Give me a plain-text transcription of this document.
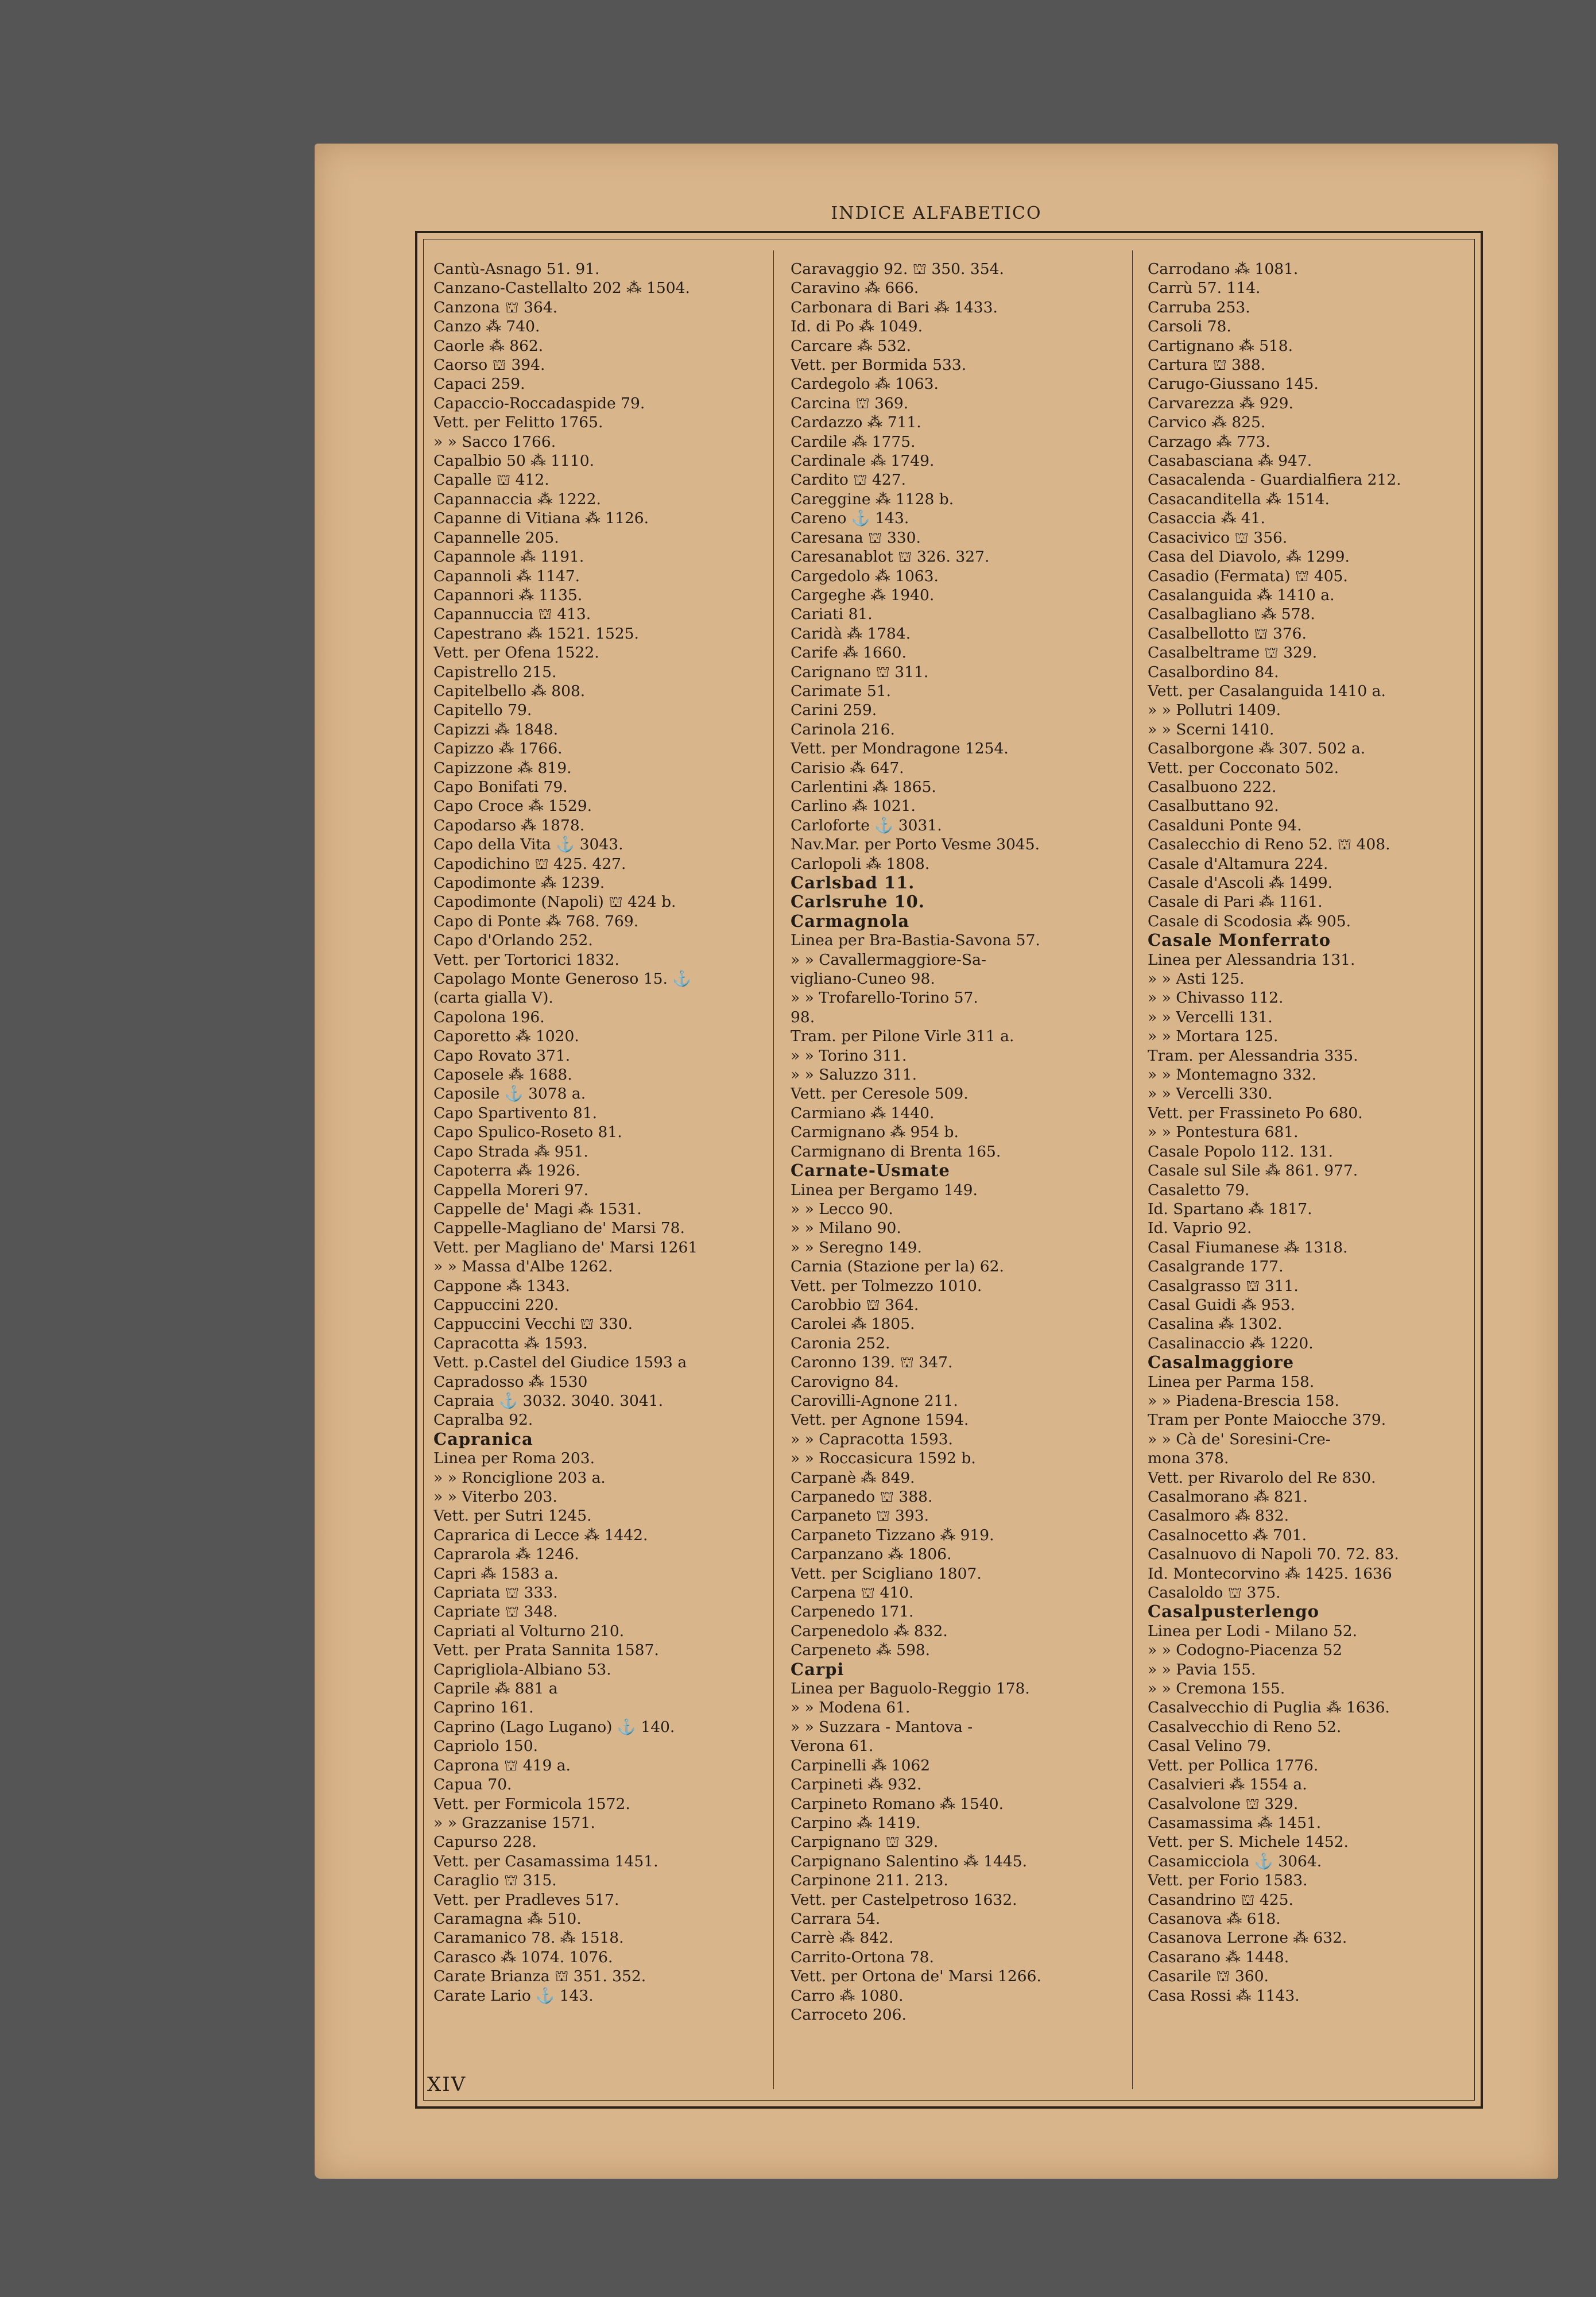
INDICE ALFABETICO
Cantù-Asnago 51. 91.
Canzano-Castellalto 202 ⁂ 1504.
Canzona ⛫ 364.
Canzo ⁂ 740.
Caorle ⁂ 862.
Caorso ⛫ 394.
Capaci 259.
Capaccio-Roccadaspide 79.
Vett. per Felitto 1765.
» » Sacco 1766.
Capalbio 50 ⁂ 1110.
Capalle ⛫ 412.
Capannaccia ⁂ 1222.
Capanne di Vitiana ⁂ 1126.
Capannelle 205.
Capannole ⁂ 1191.
Capannoli ⁂ 1147.
Capannori ⁂ 1135.
Capannuccia ⛫ 413.
Capestrano ⁂ 1521. 1525.
Vett. per Ofena 1522.
Capistrello 215.
Capitelbello ⁂ 808.
Capitello 79.
Capizzi ⁂ 1848.
Capizzo ⁂ 1766.
Capizzone ⁂ 819.
Capo Bonifati 79.
Capo Croce ⁂ 1529.
Capodarso ⁂ 1878.
Capo della Vita ⚓ 3043.
Capodichino ⛫ 425. 427.
Capodimonte ⁂ 1239.
Capodimonte (Napoli) ⛫ 424 b.
Capo di Ponte ⁂ 768. 769.
Capo d'Orlando 252.
Vett. per Tortorici 1832.
Capolago Monte Generoso 15. ⚓
(carta gialla V).
Capolona 196.
Caporetto ⁂ 1020.
Capo Rovato 371.
Caposele ⁂ 1688.
Caposile ⚓ 3078 a.
Capo Spartivento 81.
Capo Spulico-Roseto 81.
Capo Strada ⁂ 951.
Capoterra ⁂ 1926.
Cappella Moreri 97.
Cappelle de' Magi ⁂ 1531.
Cappelle-Magliano de' Marsi 78.
Vett. per Magliano de' Marsi 1261
» » Massa d'Albe 1262.
Cappone ⁂ 1343.
Cappuccini 220.
Cappuccini Vecchi ⛫ 330.
Capracotta ⁂ 1593.
Vett. p.Castel del Giudice 1593 a
Capradosso ⁂ 1530
Capraia ⚓ 3032. 3040. 3041.
Capralba 92.
Capranica
Linea per Roma 203.
» » Ronciglione 203 a.
» » Viterbo 203.
Vett. per Sutri 1245.
Caprarica di Lecce ⁂ 1442.
Caprarola ⁂ 1246.
Capri ⁂ 1583 a.
Capriata ⛫ 333.
Capriate ⛫ 348.
Capriati al Volturno 210.
Vett. per Prata Sannita 1587.
Caprigliola-Albiano 53.
Caprile ⁂ 881 a
Caprino 161.
Caprino (Lago Lugano) ⚓ 140.
Capriolo 150.
Caprona ⛫ 419 a.
Capua 70.
Vett. per Formicola 1572.
» » Grazzanise 1571.
Capurso 228.
Vett. per Casamassima 1451.
Caraglio ⛫ 315.
Vett. per Pradleves 517.
Caramagna ⁂ 510.
Caramanico 78. ⁂ 1518.
Carasco ⁂ 1074. 1076.
Carate Brianza ⛫ 351. 352.
Carate Lario ⚓ 143.
Caravaggio 92. ⛫ 350. 354.
Caravino ⁂ 666.
Carbonara di Bari ⁂ 1433.
Id. di Po ⁂ 1049.
Carcare ⁂ 532.
Vett. per Bormida 533.
Cardegolo ⁂ 1063.
Carcina ⛫ 369.
Cardazzo ⁂ 711.
Cardile ⁂ 1775.
Cardinale ⁂ 1749.
Cardito ⛫ 427.
Careggine ⁂ 1128 b.
Careno ⚓ 143.
Caresana ⛫ 330.
Caresanablot ⛫ 326. 327.
Cargedolo ⁂ 1063.
Cargeghe ⁂ 1940.
Cariati 81.
Caridà ⁂ 1784.
Carife ⁂ 1660.
Carignano ⛫ 311.
Carimate 51.
Carini 259.
Carinola 216.
Vett. per Mondragone 1254.
Carisio ⁂ 647.
Carlentini ⁂ 1865.
Carlino ⁂ 1021.
Carloforte ⚓ 3031.
Nav.Mar. per Porto Vesme 3045.
Carlopoli ⁂ 1808.
Carlsbad 11.
Carlsruhe 10.
Carmagnola
Linea per Bra-Bastia-Savona 57.
» » Cavallermaggiore-Sa-
vigliano-Cuneo 98.
» » Trofarello-Torino 57.
98.
Tram. per Pilone Virle 311 a.
» » Torino 311.
» » Saluzzo 311.
Vett. per Ceresole 509.
Carmiano ⁂ 1440.
Carmignano ⁂ 954 b.
Carmignano di Brenta 165.
Carnate-Usmate
Linea per Bergamo 149.
» » Lecco 90.
» » Milano 90.
» » Seregno 149.
Carnia (Stazione per la) 62.
Vett. per Tolmezzo 1010.
Carobbio ⛫ 364.
Carolei ⁂ 1805.
Caronia 252.
Caronno 139. ⛫ 347.
Carovigno 84.
Carovilli-Agnone 211.
Vett. per Agnone 1594.
» » Capracotta 1593.
» » Roccasicura 1592 b.
Carpanè ⁂ 849.
Carpanedo ⛫ 388.
Carpaneto ⛫ 393.
Carpaneto Tizzano ⁂ 919.
Carpanzano ⁂ 1806.
Vett. per Scigliano 1807.
Carpena ⛫ 410.
Carpenedo 171.
Carpenedolo ⁂ 832.
Carpeneto ⁂ 598.
Carpi
Linea per Baguolo-Reggio 178.
» » Modena 61.
» » Suzzara - Mantova -
Verona 61.
Carpinelli ⁂ 1062
Carpineti ⁂ 932.
Carpineto Romano ⁂ 1540.
Carpino ⁂ 1419.
Carpignano ⛫ 329.
Carpignano Salentino ⁂ 1445.
Carpinone 211. 213.
Vett. per Castelpetroso 1632.
Carrara 54.
Carrè ⁂ 842.
Carrito-Ortona 78.
Vett. per Ortona de' Marsi 1266.
Carro ⁂ 1080.
Carroceto 206.
Carrodano ⁂ 1081.
Carrù 57. 114.
Carruba 253.
Carsoli 78.
Cartignano ⁂ 518.
Cartura ⛫ 388.
Carugo-Giussano 145.
Carvarezza ⁂ 929.
Carvico ⁂ 825.
Carzago ⁂ 773.
Casabasciana ⁂ 947.
Casacalenda - Guardialfiera 212.
Casacanditella ⁂ 1514.
Casaccia ⁂ 41.
Casacivico ⛫ 356.
Casa del Diavolo, ⁂ 1299.
Casadio (Fermata) ⛫ 405.
Casalanguida ⁂ 1410 a.
Casalbagliano ⁂ 578.
Casalbellotto ⛫ 376.
Casalbeltrame ⛫ 329.
Casalbordino 84.
Vett. per Casalanguida 1410 a.
» » Pollutri 1409.
» » Scerni 1410.
Casalborgone ⁂ 307. 502 a.
Vett. per Cocconato 502.
Casalbuono 222.
Casalbuttano 92.
Casalduni Ponte 94.
Casalecchio di Reno 52. ⛫ 408.
Casale d'Altamura 224.
Casale d'Ascoli ⁂ 1499.
Casale di Pari ⁂ 1161.
Casale di Scodosia ⁂ 905.
Casale Monferrato
Linea per Alessandria 131.
» » Asti 125.
» » Chivasso 112.
» » Vercelli 131.
» » Mortara 125.
Tram. per Alessandria 335.
» » Montemagno 332.
» » Vercelli 330.
Vett. per Frassineto Po 680.
» » Pontestura 681.
Casale Popolo 112. 131.
Casale sul Sile ⁂ 861. 977.
Casaletto 79.
Id. Spartano ⁂ 1817.
Id. Vaprio 92.
Casal Fiumanese ⁂ 1318.
Casalgrande 177.
Casalgrasso ⛫ 311.
Casal Guidi ⁂ 953.
Casalina ⁂ 1302.
Casalinaccio ⁂ 1220.
Casalmaggiore
Linea per Parma 158.
» » Piadena-Brescia 158.
Tram per Ponte Maiocche 379.
» » Cà de' Soresini-Cre-
mona 378.
Vett. per Rivarolo del Re 830.
Casalmorano ⁂ 821.
Casalmoro ⁂ 832.
Casalnocetto ⁂ 701.
Casalnuovo di Napoli 70. 72. 83.
Id. Montecorvino ⁂ 1425. 1636
Casaloldo ⛫ 375.
Casalpusterlengo
Linea per Lodi - Milano 52.
» » Codogno-Piacenza 52
» » Pavia 155.
» » Cremona 155.
Casalvecchio di Puglia ⁂ 1636.
Casalvecchio di Reno 52.
Casal Velino 79.
Vett. per Pollica 1776.
Casalvieri ⁂ 1554 a.
Casalvolone ⛫ 329.
Casamassima ⁂ 1451.
Vett. per S. Michele 1452.
Casamicciola ⚓ 3064.
Vett. per Forio 1583.
Casandrino ⛫ 425.
Casanova ⁂ 618.
Casanova Lerrone ⁂ 632.
Casarano ⁂ 1448.
Casarile ⛫ 360.
Casa Rossi ⁂ 1143.
XIV
